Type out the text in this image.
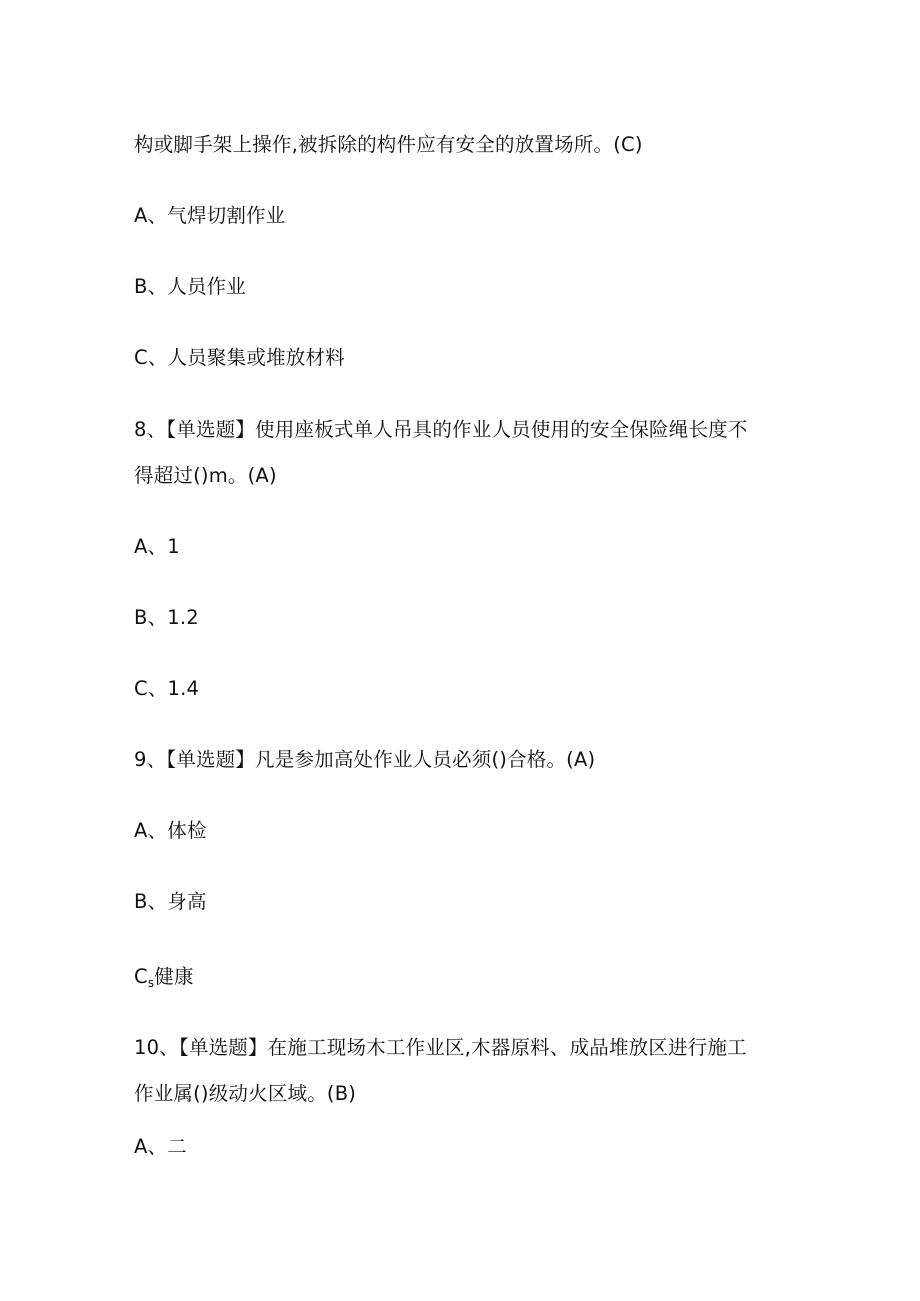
构或脚手架上操作,被拆除的构件应有安全的放置场所。(C)
A、气焊切割作业
B、人员作业
C、人员聚集或堆放材料
8、【单选题】使用座板式单人吊具的作业人员使用的安全保险绳长度不
得超过()m。(A)
A、1
B、1.2
C、1.4
9、【单选题】凡是参加高处作业人员必须()合格。(A)
A、体检
B、身高
$C_s$健康
10、【单选题】在施工现场木工作业区,木器原料、成品堆放区进行施工
作业属()级动火区域。(B)
A、二
